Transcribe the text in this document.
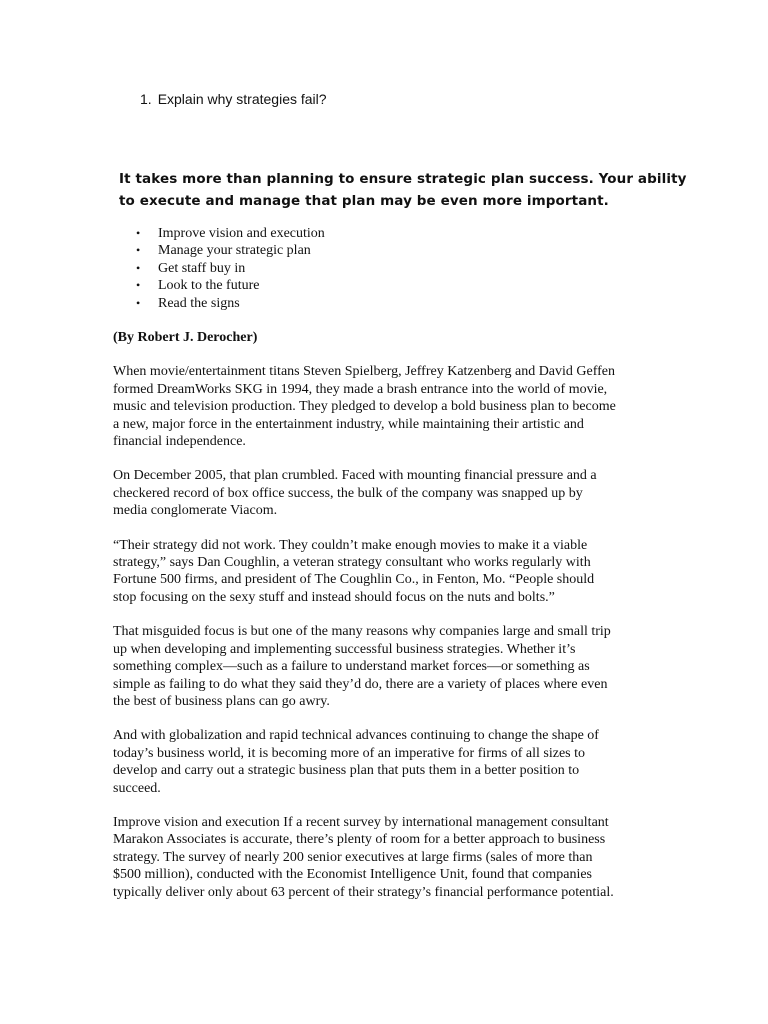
1. Explain why strategies fail?
It takes more than planning to ensure strategic plan success. Your ability
to execute and manage that plan may be even more important.
•	Improve vision and execution
•	Manage your strategic plan
•	Get staff buy in
•	Look to the future
•	Read the signs

(By Robert J. Derocher)

When movie/entertainment titans Steven Spielberg, Jeffrey Katzenberg and David Geffen
formed DreamWorks SKG in 1994, they made a brash entrance into the world of movie,
music and television production. They pledged to develop a bold business plan to become
a new, major force in the entertainment industry, while maintaining their artistic and
financial independence.

On December 2005, that plan crumbled. Faced with mounting financial pressure and a
checkered record of box office success, the bulk of the company was snapped up by
media conglomerate Viacom.

“Their strategy did not work. They couldn’t make enough movies to make it a viable
strategy,” says Dan Coughlin, a veteran strategy consultant who works regularly with
Fortune 500 firms, and president of The Coughlin Co., in Fenton, Mo. “People should
stop focusing on the sexy stuff and instead should focus on the nuts and bolts.”

That misguided focus is but one of the many reasons why companies large and small trip
up when developing and implementing successful business strategies. Whether it’s
something complex—such as a failure to understand market forces—or something as
simple as failing to do what they said they’d do, there are a variety of places where even
the best of business plans can go awry.

And with globalization and rapid technical advances continuing to change the shape of
today’s business world, it is becoming more of an imperative for firms of all sizes to
develop and carry out a strategic business plan that puts them in a better position to
succeed.

Improve vision and execution If a recent survey by international management consultant
Marakon Associates is accurate, there’s plenty of room for a better approach to business
strategy. The survey of nearly 200 senior executives at large firms (sales of more than
$500 million), conducted with the Economist Intelligence Unit, found that companies
typically deliver only about 63 percent of their strategy’s financial performance potential.
